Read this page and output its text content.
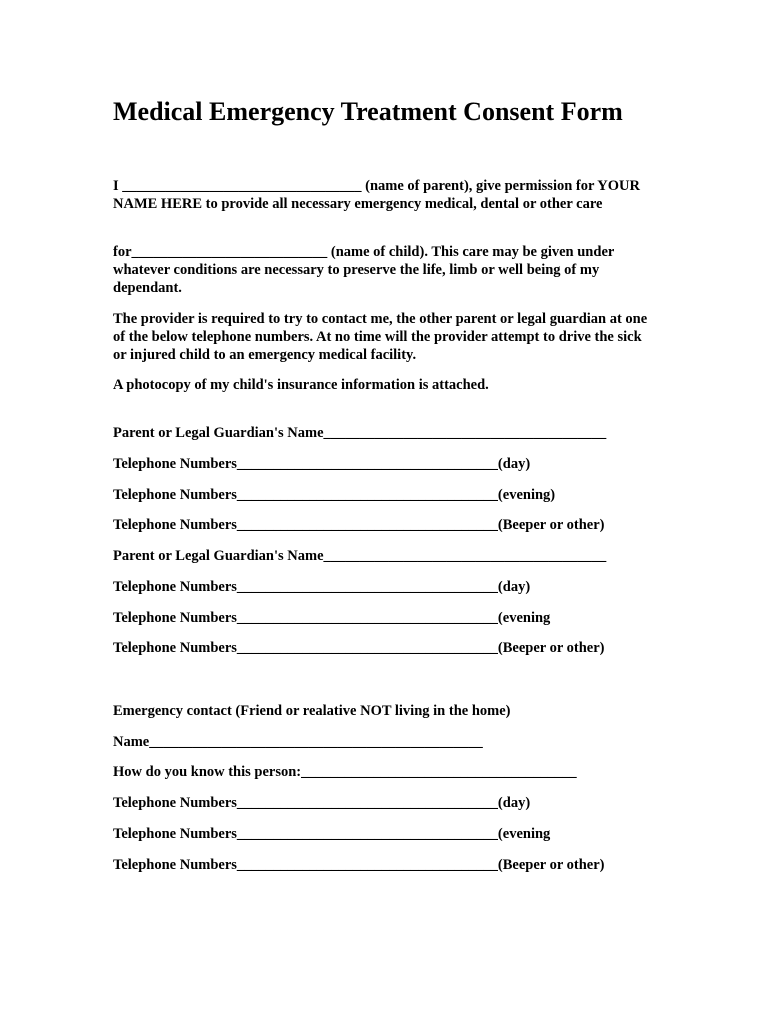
Medical Emergency Treatment Consent Form

I _________________________________ (name of parent), give permission for YOUR NAME HERE to provide all necessary emergency medical, dental or other care

for___________________________ (name of child). This care may be given under whatever conditions are necessary to preserve the life, limb or well being of my dependant.

The provider is required to try to contact me, the other parent or legal guardian at one of the below telephone numbers. At no time will the provider attempt to drive the sick or injured child to an emergency medical facility.

A photocopy of my child's insurance information is attached.

Parent or Legal Guardian's Name_______________________________________
Telephone Numbers____________________________________(day)
Telephone Numbers____________________________________(evening)
Telephone Numbers____________________________________(Beeper or other)
Parent or Legal Guardian's Name_______________________________________
Telephone Numbers____________________________________(day)
Telephone Numbers____________________________________(evening
Telephone Numbers____________________________________(Beeper or other)
Emergency contact (Friend or realative NOT living in the home)
Name______________________________________________
How do you know this person:______________________________________
Telephone Numbers____________________________________(day)
Telephone Numbers____________________________________(evening
Telephone Numbers____________________________________(Beeper or other)
